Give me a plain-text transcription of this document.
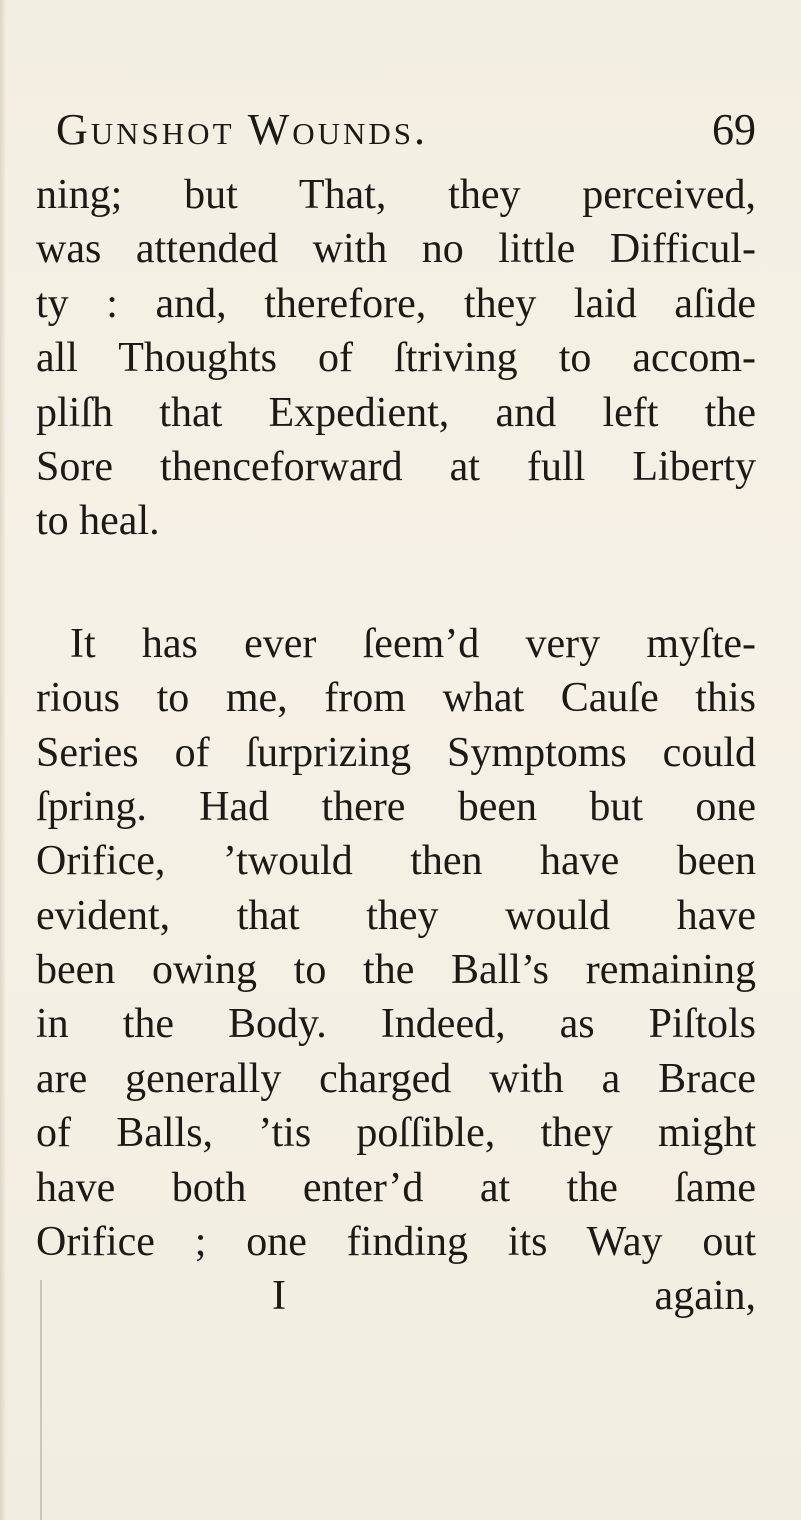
Gunshot Wounds.	69
ning; but That, they perceived,
was attended with no little Difficul-
ty : and, therefore, they laid aſide
all Thoughts of ſtriving to accom-
pliſh that Expedient, and left the
Sore thenceforward at full Liberty
to heal.
It has ever ſeem’d very myſte-
rious to me, from what Cauſe this
Series of ſurprizing Symptoms could
ſpring. Had there been but one
Orifice, ’twould then have been
evident, that they would have
been owing to the Ball’s remaining
in the Body. Indeed, as Piſtols
are generally charged with a Brace
of Balls, ’tis poſſible, they might
have both enter’d at the ſame
Orifice ; one finding its Way out
I	again,
